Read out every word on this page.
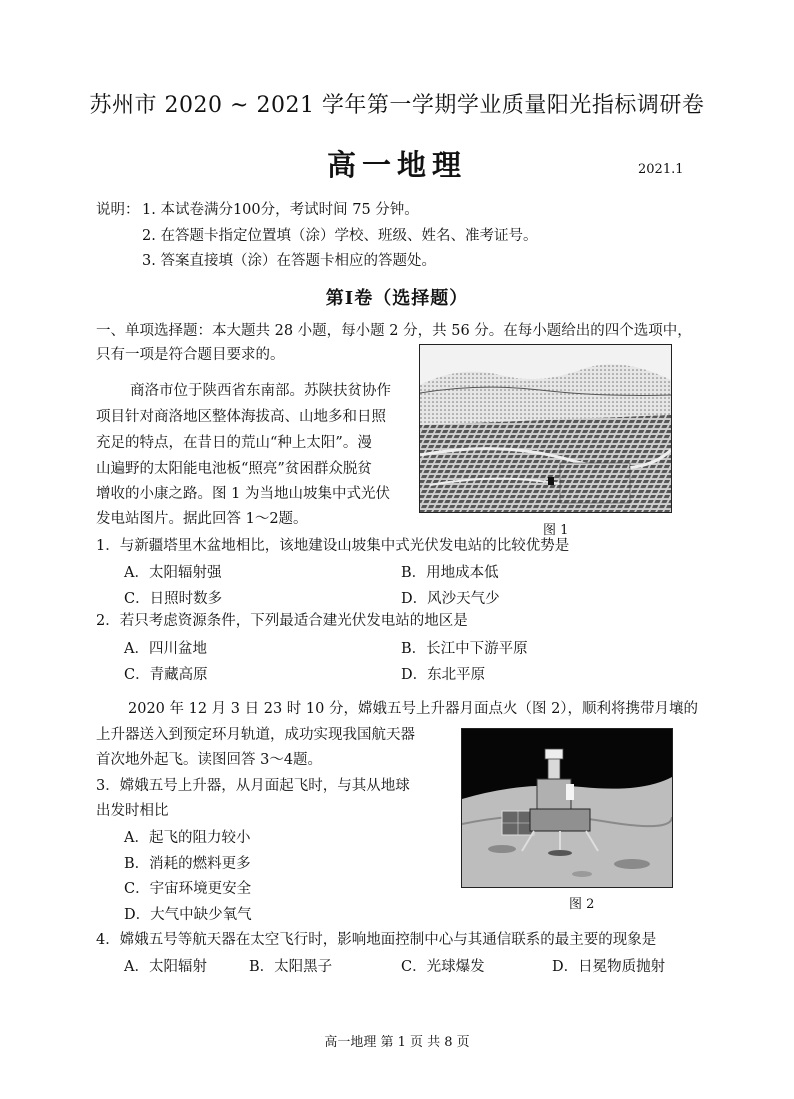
苏州市 2020 ~ 2021 学年第一学期学业质量阳光指标调研卷
高一地理	2021.1
说明： 1. 本试卷满分100分，考试时间 75 分钟。
2. 在答题卡指定位置填（涂）学校、班级、姓名、准考证号。
3. 答案直接填（涂）在答题卡相应的答题处。
第Ⅰ卷（选择题）
一、单项选择题：本大题共 28 小题，每小题 2 分，共 56 分。在每小题给出的四个选项中，
只有一项是符合题目要求的。
商洛市位于陕西省东南部。苏陕扶贫协作
项目针对商洛地区整体海拔高、山地多和日照
充足的特点，在昔日的荒山“种上太阳”。漫
山遍野的太阳能电池板“照亮”贫困群众脱贫
增收的小康之路。图 1 为当地山坡集中式光伏
发电站图片。据此回答 1～2题。
图 1
1．与新疆塔里木盆地相比，该地建设山坡集中式光伏发电站的比较优势是
A．太阳辐射强	B．用地成本低
C．日照时数多	D．风沙天气少
2．若只考虑资源条件，下列最适合建光伏发电站的地区是
A．四川盆地	B．长江中下游平原
C．青藏高原	D．东北平原
2020 年 12 月 3 日 23 时 10 分，嫦娥五号上升器月面点火（图 2），顺利将携带月壤的
上升器送入到预定环月轨道，成功实现我国航天器
首次地外起飞。读图回答 3～4题。
图 2
3．嫦娥五号上升器，从月面起飞时，与其从地球
出发时相比
A．起飞的阻力较小
B．消耗的燃料更多
C．宇宙环境更安全
D．大气中缺少氧气
4．嫦娥五号等航天器在太空飞行时，影响地面控制中心与其通信联系的最主要的现象是
A．太阳辐射	B．太阳黑子	C．光球爆发	D．日冕物质抛射
高一地理 第 1 页 共 8 页
